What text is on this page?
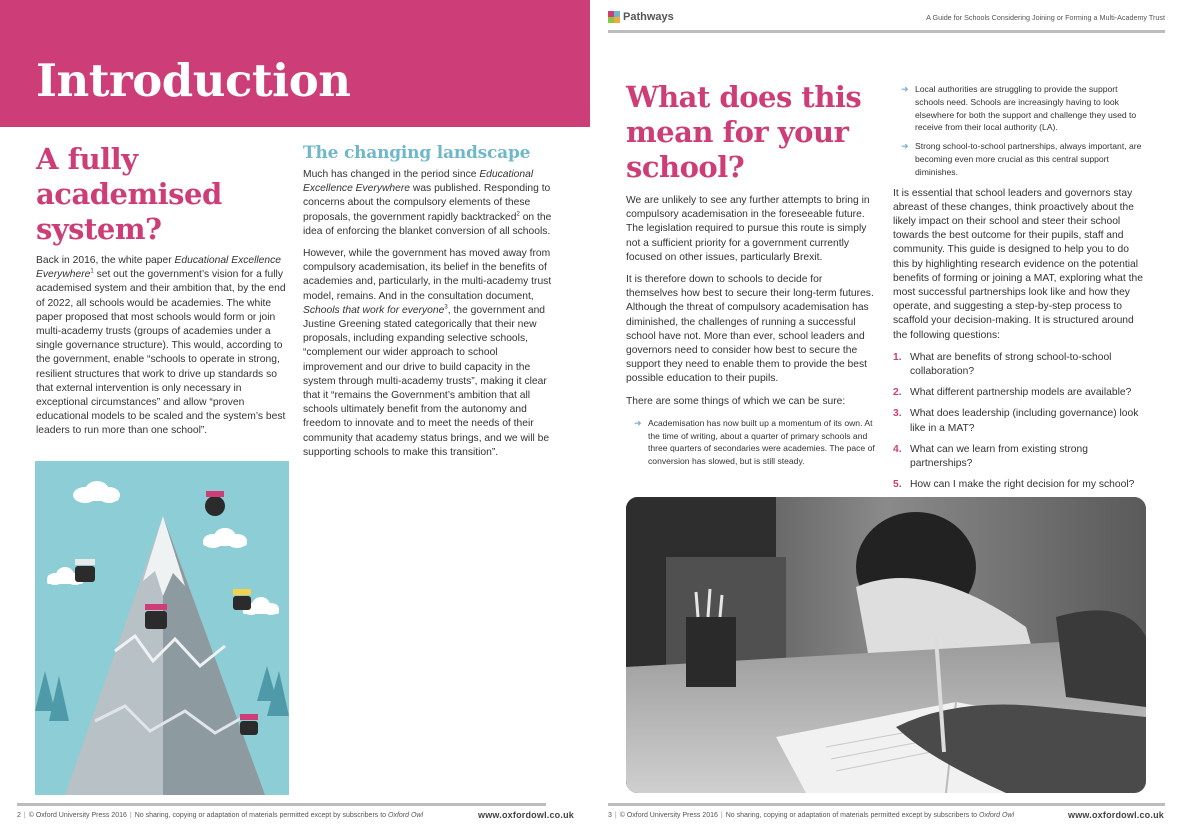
Introduction
A fully academised system?

Back in 2016, the white paper Educational Excellence Everywhere$^1$ set out the government’s vision for a fully academised system and their ambition that, by the end of 2022, all schools would be academies. The white paper proposed that most schools would form or join multi-academy trusts (groups of academies under a single governance structure). This would, according to the government, enable “schools to operate in strong, resilient structures that work to drive up standards so that external intervention is only necessary in exceptional circumstances” and allow “proven educational models to be scaled and the system’s best leaders to run more than one school”.

The changing landscape

Much has changed in the period since Educational Excellence Everywhere was published. Responding to concerns about the compulsory elements of these proposals, the government rapidly backtracked$^2$ on the idea of enforcing the blanket conversion of all schools.

However, while the government has moved away from compulsory academisation, its belief in the benefits of academies and, particularly, in the multi-academy trust model, remains. And in the consultation document, Schools that work for everyone$^3$, the government and Justine Greening stated categorically that their new proposals, including expanding selective schools, “complement our wider approach to school improvement and our drive to build capacity in the system through multi-academy trusts”, making it clear that it “remains the Government’s ambition that all schools ultimately benefit from the autonomy and freedom to innovate and to meet the needs of their community that academy status brings, and we will be supporting schools to make this transition”.

2 | © Oxford University Press 2016 | No sharing, copying or adaptation of materials permitted except by subscribers to Oxford Owl	www.oxfordowl.co.uk
Pathways	A Guide for Schools Considering Joining or Forming a Multi-Academy Trust
What does this mean for your school?

We are unlikely to see any further attempts to bring in compulsory academisation in the foreseeable future. The legislation required to pursue this route is simply not a sufficient priority for a government currently focused on other issues, particularly Brexit.

It is therefore down to schools to decide for themselves how best to secure their long-term futures. Although the threat of compulsory academisation has diminished, the challenges of running a successful school have not. More than ever, school leaders and governors need to consider how best to secure the support they need to enable them to provide the best possible education to their pupils.

There are some things of which we can be sure:

➜ Academisation has now built up a momentum of its own. At the time of writing, about a quarter of primary schools and three quarters of secondaries were academies. The pace of conversion has slowed, but is still steady.
➜ Local authorities are struggling to provide the support schools need. Schools are increasingly having to look elsewhere for both the support and challenge they used to receive from their local authority (LA).
➜ Strong school-to-school partnerships, always important, are becoming even more crucial as this central support diminishes.

It is essential that school leaders and governors stay abreast of these changes, think proactively about the likely impact on their school and steer their school towards the best outcome for their pupils, staff and community. This guide is designed to help you to do this by highlighting research evidence on the potential benefits of forming or joining a MAT, exploring what the most successful partnerships look like and how they operate, and suggesting a step-by-step process to scaffold your decision-making. It is structured around the following questions:

1. What are benefits of strong school-to-school collaboration?
2. What different partnership models are available?
3. What does leadership (including governance) look like in a MAT?
4. What can we learn from existing strong partnerships?
5. How can I make the right decision for my school?
3 | © Oxford University Press 2016 | No sharing, copying or adaptation of materials permitted except by subscribers to Oxford Owl	www.oxfordowl.co.uk
